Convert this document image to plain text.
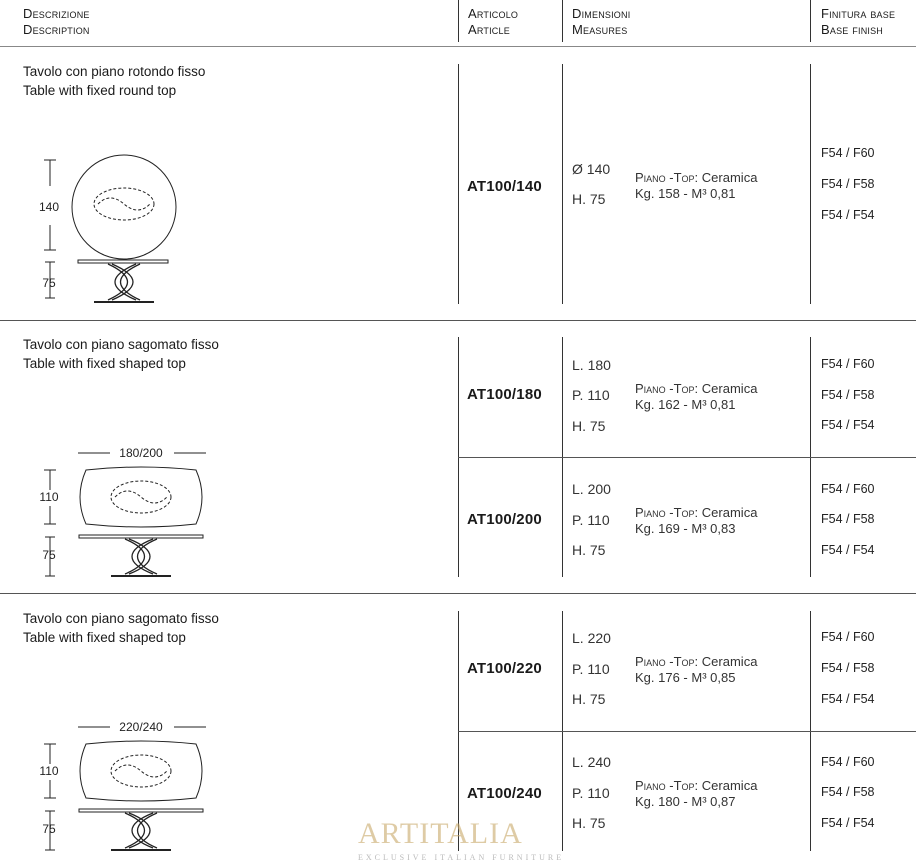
Descrizione
Description
Articolo
Article
Dimensioni
Measures
Finitura base
Base finish
Tavolo con piano rotondo fisso
Table with fixed round top
140
75
AT100/140
Ø 140
H. 75
Piano -Top: Ceramica
Kg. 158 - M³ 0,81
F54 / F60
F54 / F58
F54 / F54
Tavolo con piano sagomato fisso
Table with fixed shaped top
180/200
110
75
AT100/180
L. 180
P. 110
H. 75
Piano -Top: Ceramica
Kg. 162 - M³ 0,81
F54 / F60
F54 / F58
F54 / F54
AT100/200
L. 200
P. 110
H. 75
Piano -Top: Ceramica
Kg. 169 - M³ 0,83
F54 / F60
F54 / F58
F54 / F54
Tavolo con piano sagomato fisso
Table with fixed shaped top
220/240
110
75
AT100/220
L. 220
P. 110
H. 75
Piano -Top: Ceramica
Kg. 176 - M³ 0,85
F54 / F60
F54 / F58
F54 / F54
AT100/240
L. 240
P. 110
H. 75
Piano -Top: Ceramica
Kg. 180 - M³ 0,87
F54 / F60
F54 / F58
F54 / F54
ARTITALIA
EXCLUSIVE ITALIAN FURNITURE
